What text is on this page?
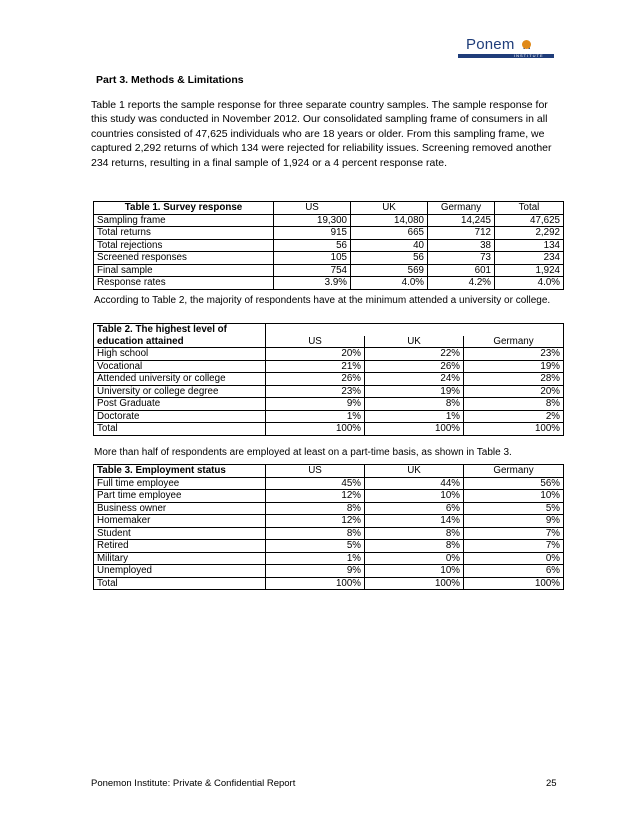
Ponem
INSTITUTE
Part 3. Methods & Limitations
Table 1 reports the sample response for three separate country samples. The sample response for this study was conducted in November 2012. Our consolidated sampling frame of consumers in all countries consisted of 47,625 individuals who are 18 years or older. From this sampling frame, we captured 2,292 returns of which 134 were rejected for reliability issues. Screening removed another 234 returns, resulting in a final sample of 1,924 or a 4 percent response rate.
Table 1. Survey response	US	UK	Germany	Total
Sampling frame	19,300	14,080	14,245	47,625
Total returns	915	665	712	2,292
Total rejections	56	40	38	134
Screened responses	105	56	73	234
Final sample	754	569	601	1,924
Response rates	3.9%	4.0%	4.2%	4.0%
According to Table 2, the majority of respondents have at the minimum attended a university or college.
Table 2. The highest level of			
education attained	US	UK	Germany
High school	20%	22%	23%
Vocational	21%	26%	19%
Attended university or college	26%	24%	28%
University or college degree	23%	19%	20%
Post Graduate	9%	8%	8%
Doctorate	1%	1%	2%
Total	100%	100%	100%
More than half of respondents are employed at least on a part-time basis, as shown in Table 3.
Table 3. Employment status	US	UK	Germany
Full time employee	45%	44%	56%
Part time employee	12%	10%	10%
Business owner	8%	6%	5%
Homemaker	12%	14%	9%
Student	8%	8%	7%
Retired	5%	8%	7%
Military	1%	0%	0%
Unemployed	9%	10%	6%
Total	100%	100%	100%
Ponemon Institute: Private & Confidential Report	25
